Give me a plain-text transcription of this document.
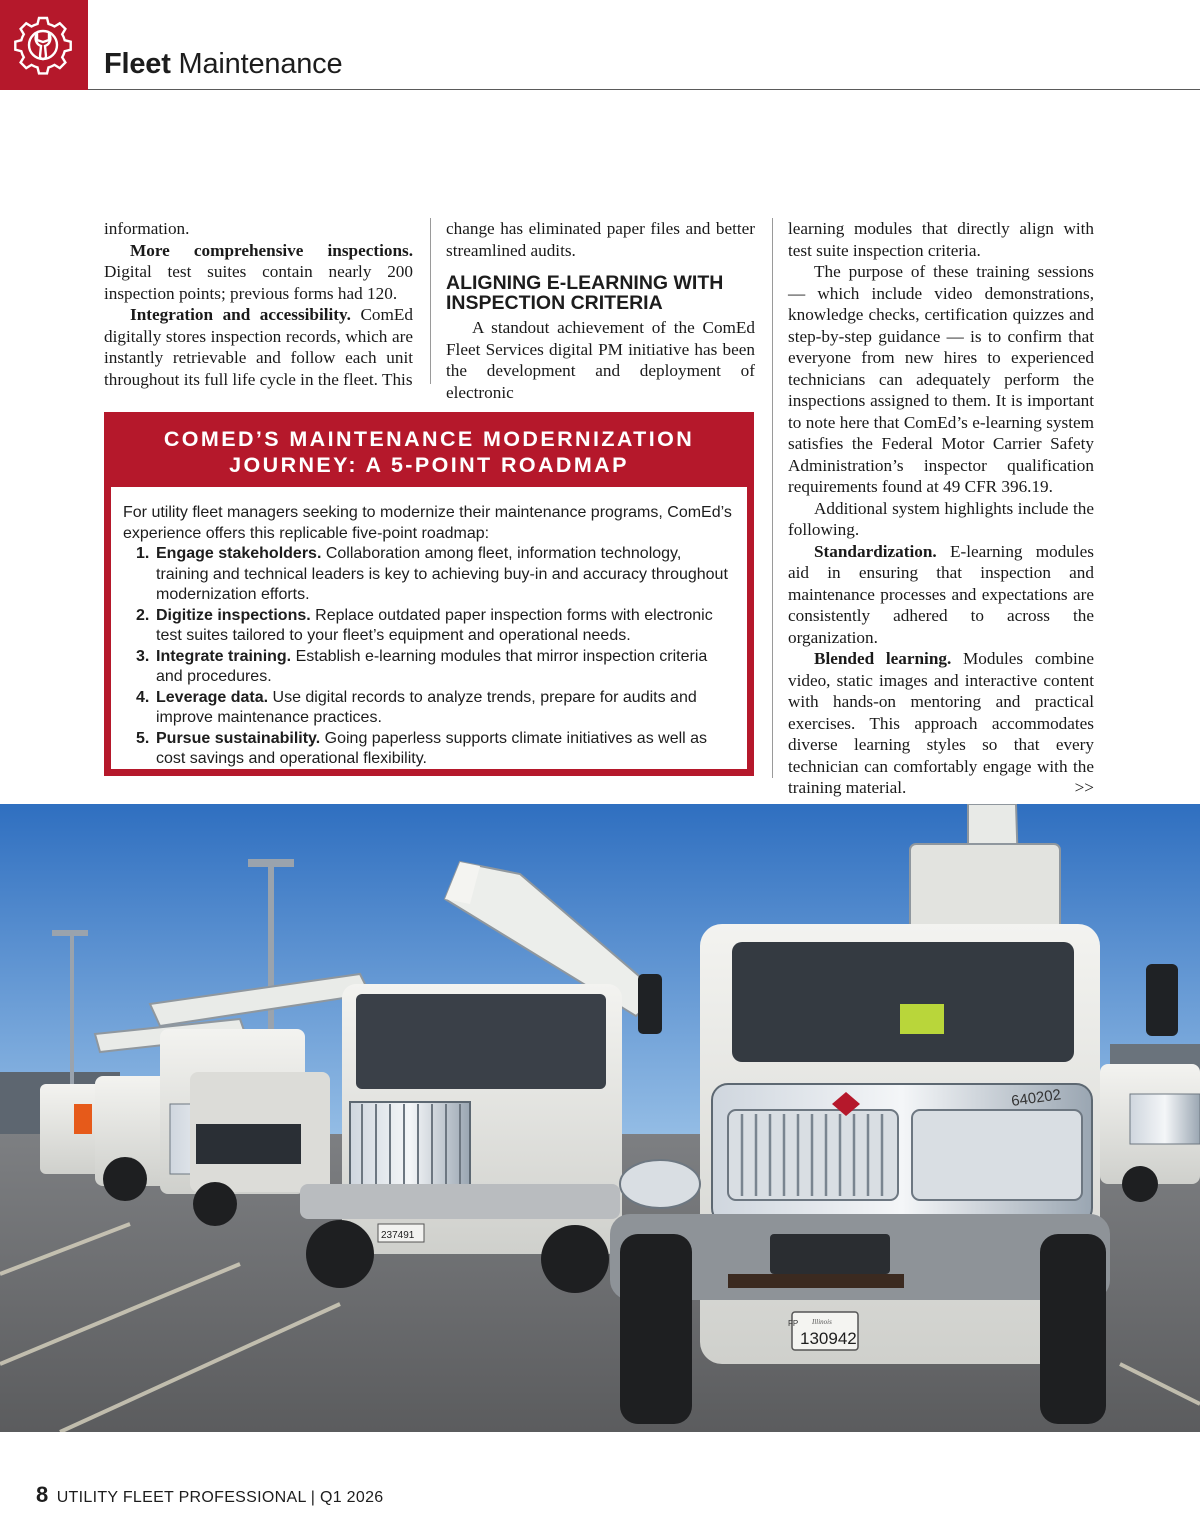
Fleet Maintenance

information.

More comprehensive inspections. Digital test suites contain nearly 200 inspection points; previous forms had 120.

Integration and accessibility. ComEd digitally stores inspection records, which are instantly retrievable and follow each unit throughout its full life cycle in the fleet. This

change has eliminated paper files and better streamlined audits.

ALIGNING E-LEARNING WITH INSPECTION CRITERIA

A standout achievement of the ComEd Fleet Services digital PM initiative has been the development and deployment of electronic

learning modules that directly align with test suite inspection criteria.

The purpose of these training sessions — which include video demonstrations, knowledge checks, certification quizzes and step-by-step guidance — is to confirm that everyone from new hires to experienced technicians can adequately perform the inspections assigned to them. It is important to note here that ComEd’s e-learning system satisfies the Federal Motor Carrier Safety Administration’s inspector qualification requirements found at 49 CFR 396.19.

Additional system highlights include the following.

Standardization. E-learning modules aid in ensuring that inspection and maintenance processes and expectations are consistently adhered to across the organization.

Blended learning. Modules combine video, static images and interactive content with hands-on mentoring and practical exercises. This approach accommodates diverse learning styles so that every technician can comfortably engage with the training material.	>>

COMED’S MAINTENANCE MODERNIZATION
JOURNEY: A 5-POINT ROADMAP

For utility fleet managers seeking to modernize their maintenance programs, ComEd’s experience offers this replicable five-point roadmap:

1. Engage stakeholders. Collaboration among fleet, information technology, training and technical leaders is key to achieving buy-in and accuracy throughout modernization efforts.
2. Digitize inspections. Replace outdated paper inspection forms with electronic test suites tailored to your fleet’s equipment and operational needs.
3. Integrate training. Establish e-learning modules that mirror inspection criteria and procedures.
4. Leverage data. Use digital records to analyze trends, prepare for audits and improve maintenance practices.
5. Pursue sustainability. Going paperless supports climate initiatives as well as cost savings and operational flexibility.
640202
FP Illinois
130942
237491
8 UTILITY FLEET PROFESSIONAL | Q1 2026
